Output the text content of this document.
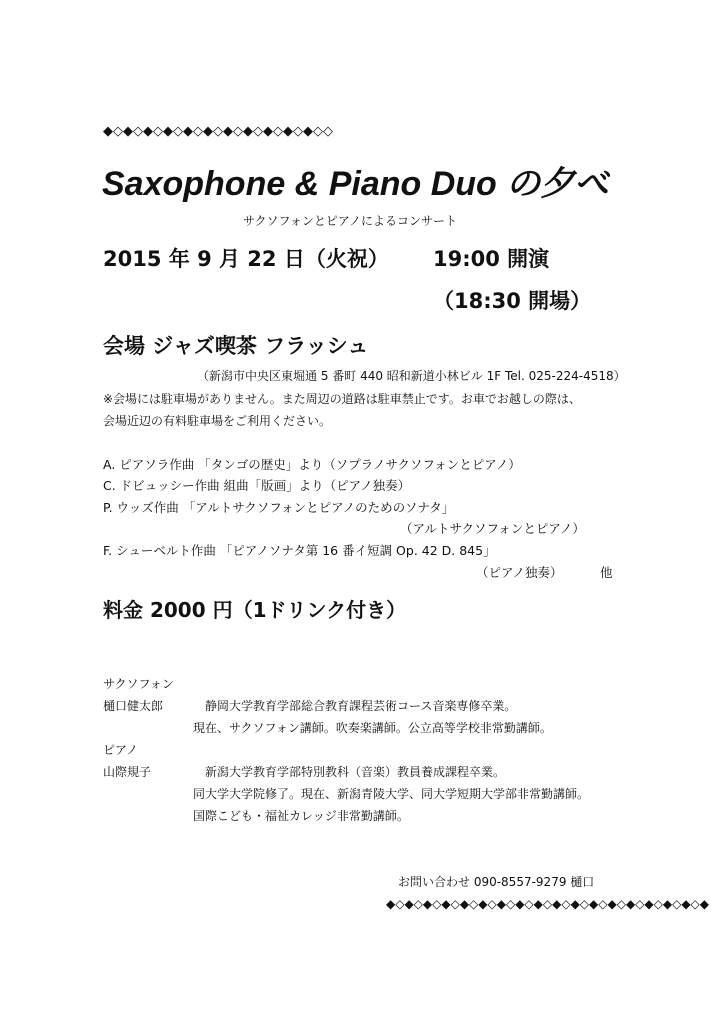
◆◇◆◇◆◇◆◇◆◇◆◇◆◇◆◇◆◇◆◇◆◇◇
Saxophone & Piano Duo の夕べ
サクソフォンとピアノによるコンサート
2015 年 9 月 22 日（火祝） 19:00 開演
（18:30 開場）
会場 ジャズ喫茶 フラッシュ
（新潟市中央区東堀通 5 番町 440 昭和新道小林ビル 1F Tel. 025-224-4518）
※会場には駐車場がありません。また周辺の道路は駐車禁止です。お車でお越しの際は、
会場近辺の有料駐車場をご利用ください。
A. ピアソラ作曲 「タンゴの歴史」より（ソプラノサクソフォンとピアノ）
C. ドビュッシー作曲 組曲「版画」より（ピアノ独奏）
P. ウッズ作曲 「アルトサクソフォンとピアノのためのソナタ」
（アルトサクソフォンとピアノ）
F. シューベルト作曲 「ピアノソナタ第 16 番イ短調 Op. 42 D. 845」
（ピアノ独奏）	他
料金 2000 円（1ドリンク付き）
サクソフォン
樋口健太郎	静岡大学教育学部総合教育課程芸術コース音楽専修卒業。
現在、サクソフォン講師。吹奏楽講師。公立高等学校非常勤講師。
ピアノ
山際規子	新潟大学教育学部特別教科（音楽）教員養成課程卒業。
同大学大学院修了。現在、新潟青陵大学、同大学短期大学部非常勤講師。
国際こども・福祉カレッジ非常勤講師。
お問い合わせ 090-8557-9279 樋口
◆◇◆◇◆◇◆◇◆◇◆◇◆◇◆◇◆◇◆◇◆◇◆◇◆◇◆◇◆◇◆◇◆◇◆
